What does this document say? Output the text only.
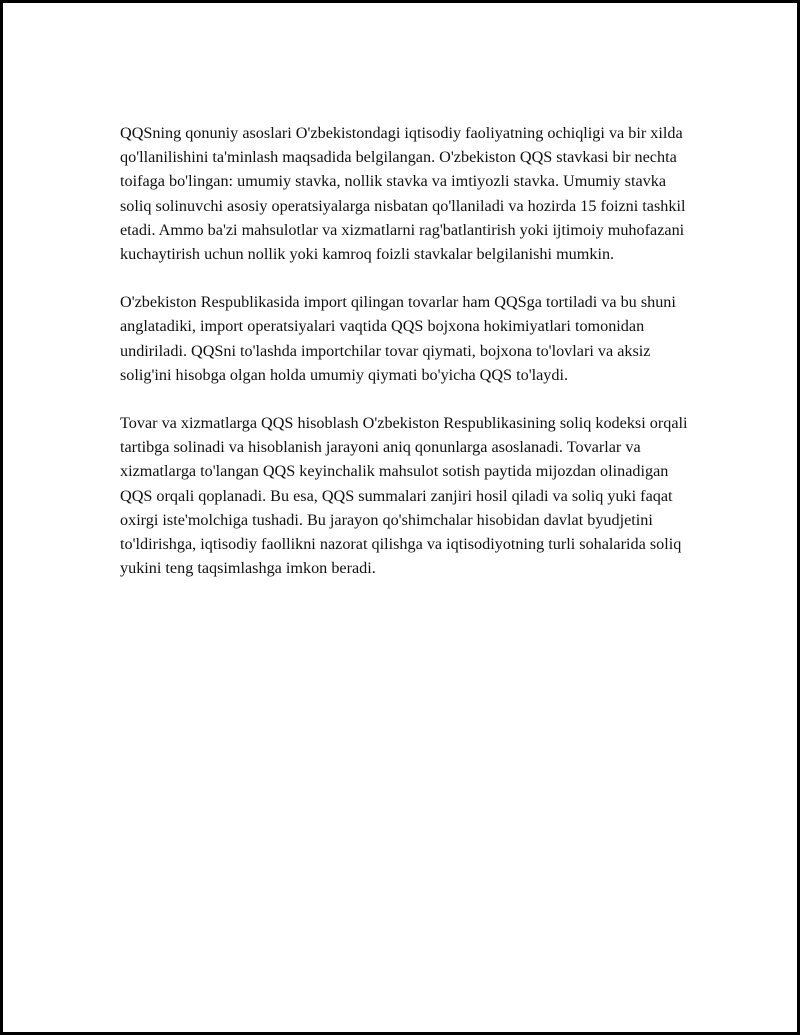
QQSning qonuniy asoslari O'zbekistondagi iqtisodiy faoliyatning ochiqligi va bir xilda qo'llanilishini ta'minlash maqsadida belgilangan. O'zbekiston QQS stavkasi bir nechta toifaga bo'lingan: umumiy stavka, nollik stavka va imtiyozli stavka. Umumiy stavka soliq solinuvchi asosiy operatsiyalarga nisbatan qo'llaniladi va hozirda 15 foizni tashkil etadi. Ammo ba'zi mahsulotlar va xizmatlarni rag'batlantirish yoki ijtimoiy muhofazani kuchaytirish uchun nollik yoki kamroq foizli stavkalar belgilanishi mumkin.

O'zbekiston Respublikasida import qilingan tovarlar ham QQSga tortiladi va bu shuni anglatadiki, import operatsiyalari vaqtida QQS bojxona hokimiyatlari tomonidan undiriladi. QQSni to'lashda importchilar tovar qiymati, bojxona to'lovlari va aksiz solig'ini hisobga olgan holda umumiy qiymati bo'yicha QQS to'laydi.

Tovar va xizmatlarga QQS hisoblash O'zbekiston Respublikasining soliq kodeksi orqali tartibga solinadi va hisoblanish jarayoni aniq qonunlarga asoslanadi. Tovarlar va xizmatlarga to'langan QQS keyinchalik mahsulot sotish paytida mijozdan olinadigan QQS orqali qoplanadi. Bu esa, QQS summalari zanjiri hosil qiladi va soliq yuki faqat oxirgi iste'molchiga tushadi. Bu jarayon qo'shimchalar hisobidan davlat byudjetini to'ldirishga, iqtisodiy faollikni nazorat qilishga va iqtisodiyotning turli sohalarida soliq yukini teng taqsimlashga imkon beradi.
